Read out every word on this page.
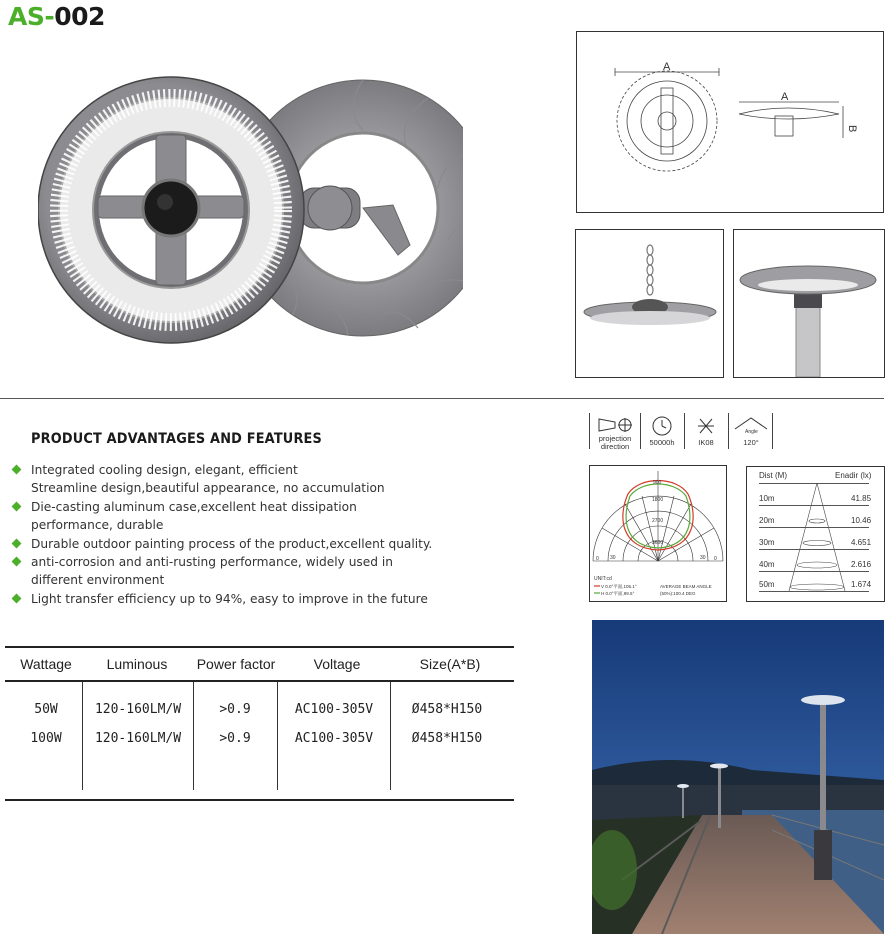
AS-002
A
A
B
PRODUCT ADVANTAGES AND FEATURES
Integrated cooling design, elegant, efficient
Streamline design,beautiful appearance, no accumulation
Die-casting aluminum case,excellent heat dissipation performance, durable
Durable outdoor painting process of the product,excellent quality.
anti-corrosion and anti-rusting performance, widely used in different environment
Light transfer efficiency up to 94%, easy to improve in the future
Wattage	Luminous	Power factor	Voltage	Size(A*B)
50W	120-160LM/W	>0.9	AC100-305V	Ø458*H150
100W	120-160LM/W	>0.9	AC100-305V	Ø458*H150
projection direction	50000h	IK08
Angle
120°
900
1800
2700
3600
0 30	30 0
UNIT:cd
V 0.0°平面,105.1°
H 0.0°平面,99.5°
AVERAGE BEAM ANGLE
(50%):100.4 DEG
Dist (M)	Enadir (lx)
10m	41.85
20m	10.46
30m	4.651
40m	2.616
50m	1.674
